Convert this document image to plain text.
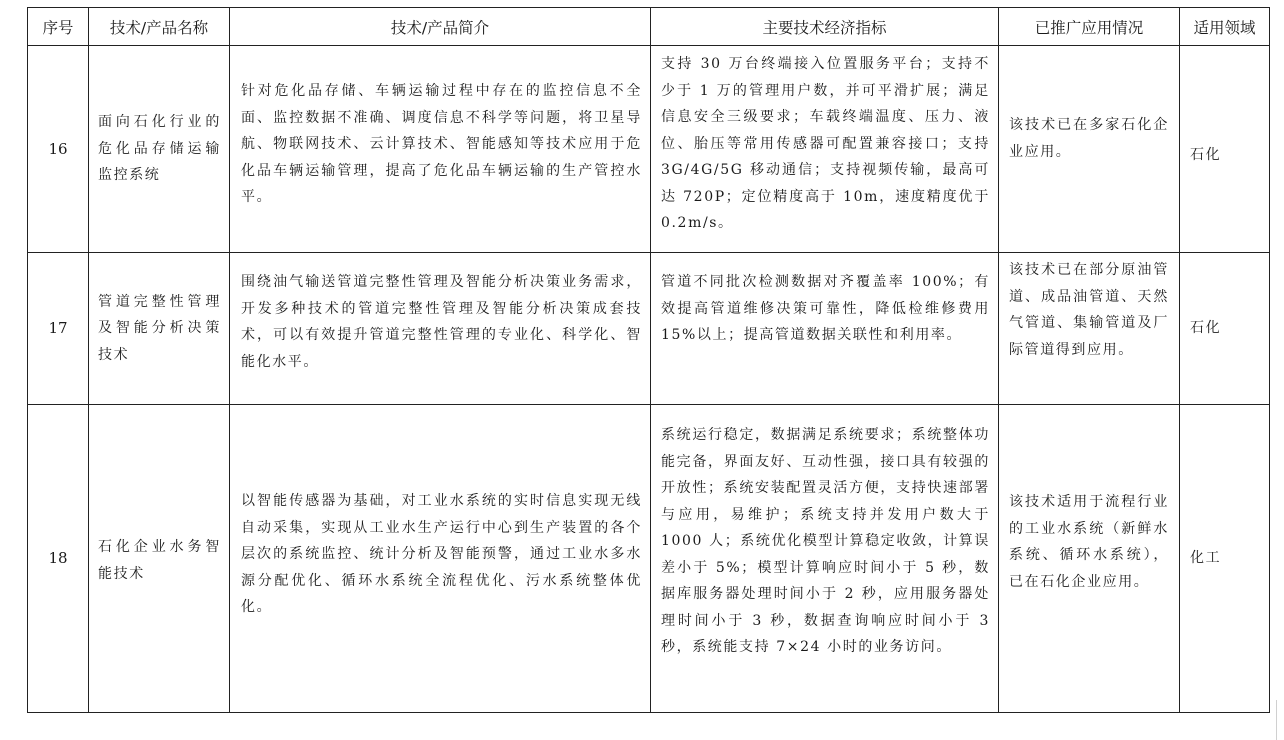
序号	技术/产品名称	技术/产品简介	主要技术经济指标	已推广应用情况	适用领域
16	面向石化行业的危化品存储运输监控系统	针对危化品存储、车辆运输过程中存在的监控信息不全面、监控数据不准确、调度信息不科学等问题，将卫星导航、物联网技术、云计算技术、智能感知等技术应用于危化品车辆运输管理，提高了危化品车辆运输的生产管控水平。	支持 30 万台终端接入位置服务平台；支持不少于 1 万的管理用户数，并可平滑扩展；满足信息安全三级要求；车载终端温度、压力、液位、胎压等常用传感器可配置兼容接口；支持 3G/4G/5G 移动通信；支持视频传输，最高可达 720P；定位精度高于 10m，速度精度优于 0.2m/s。	该技术已在多家石化企业应用。	石化

17	管道完整性管理及智能分析决策技术	围绕油气输送管道完整性管理及智能分析决策业务需求，开发多种技术的管道完整性管理及智能分析决策成套技术，可以有效提升管道完整性管理的专业化、科学化、智能化水平。	管道不同批次检测数据对齐覆盖率 100%；有效提高管道维修决策可靠性，降低检维修费用 15%以上；提高管道数据关联性和利用率。	该技术已在部分原油管道、成品油管道、天然气管道、集输管道及厂际管道得到应用。	石化

18	石化企业水务智能技术	以智能传感器为基础，对工业水系统的实时信息实现无线自动采集，实现从工业水生产运行中心到生产装置的各个层次的系统监控、统计分析及智能预警，通过工业水多水源分配优化、循环水系统全流程优化、污水系统整体优化。	系统运行稳定，数据满足系统要求；系统整体功能完备，界面友好、互动性强，接口具有较强的开放性；系统安装配置灵活方便，支持快速部署与应用，易维护；系统支持并发用户数大于 1000 人；系统优化模型计算稳定收敛，计算误差小于 5%；模型计算响应时间小于 5 秒，数据库服务器处理时间小于 2 秒，应用服务器处理时间小于 3 秒，数据查询响应时间小于 3 秒，系统能支持 7×24 小时的业务访问。	该技术适用于流程行业的工业水系统（新鲜水系统、循环水系统），已在石化企业应用。	化工
